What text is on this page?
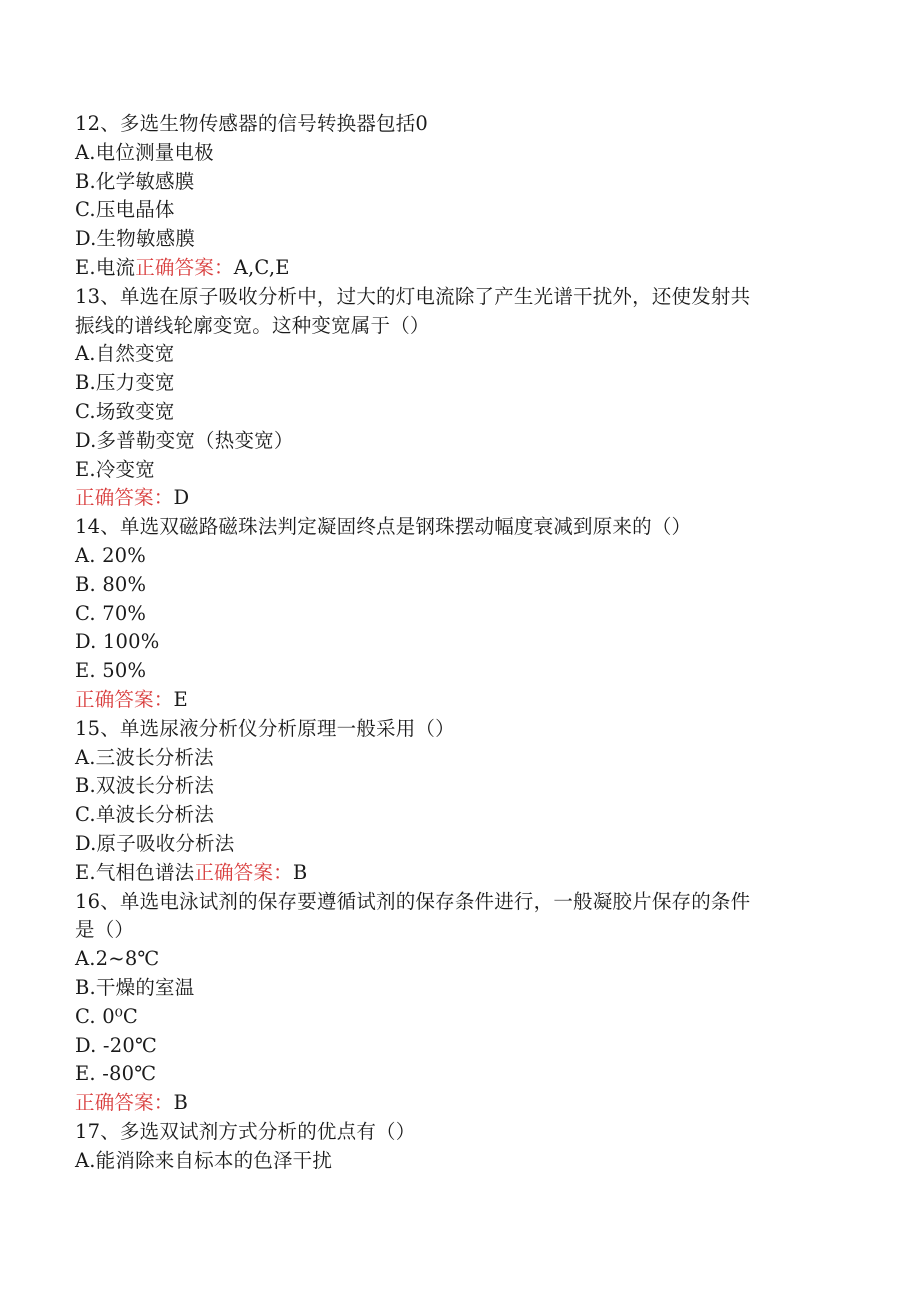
12、多选生物传感器的信号转换器包括0
A.电位测量电极
B.化学敏感膜
C.压电晶体
D.生物敏感膜
E.电流正确答案：A,C,E
13、单选在原子吸收分析中，过大的灯电流除了产生光谱干扰外，还使发射共
振线的谱线轮廓变宽。这种变宽属于（）
A.自然变宽
B.压力变宽
C.场致变宽
D.多普勒变宽（热变宽）
E.冷变宽
正确答案：D
14、单选双磁路磁珠法判定凝固终点是钢珠摆动幅度衰减到原来的（）
A. 20%
B. 80%
C. 70%
D. 100%
E. 50%
正确答案：E
15、单选尿液分析仪分析原理一般采用（）
A.三波长分析法
B.双波长分析法
C.单波长分析法
D.原子吸收分析法
E.气相色谱法正确答案：B
16、单选电泳试剂的保存要遵循试剂的保存条件进行，一般凝胶片保存的条件
是（）
A.2~8℃
B.干燥的室温
C. 0⁰C
D. -20℃
E. -80℃
正确答案：B
17、多选双试剂方式分析的优点有（）
A.能消除来自标本的色泽干扰
